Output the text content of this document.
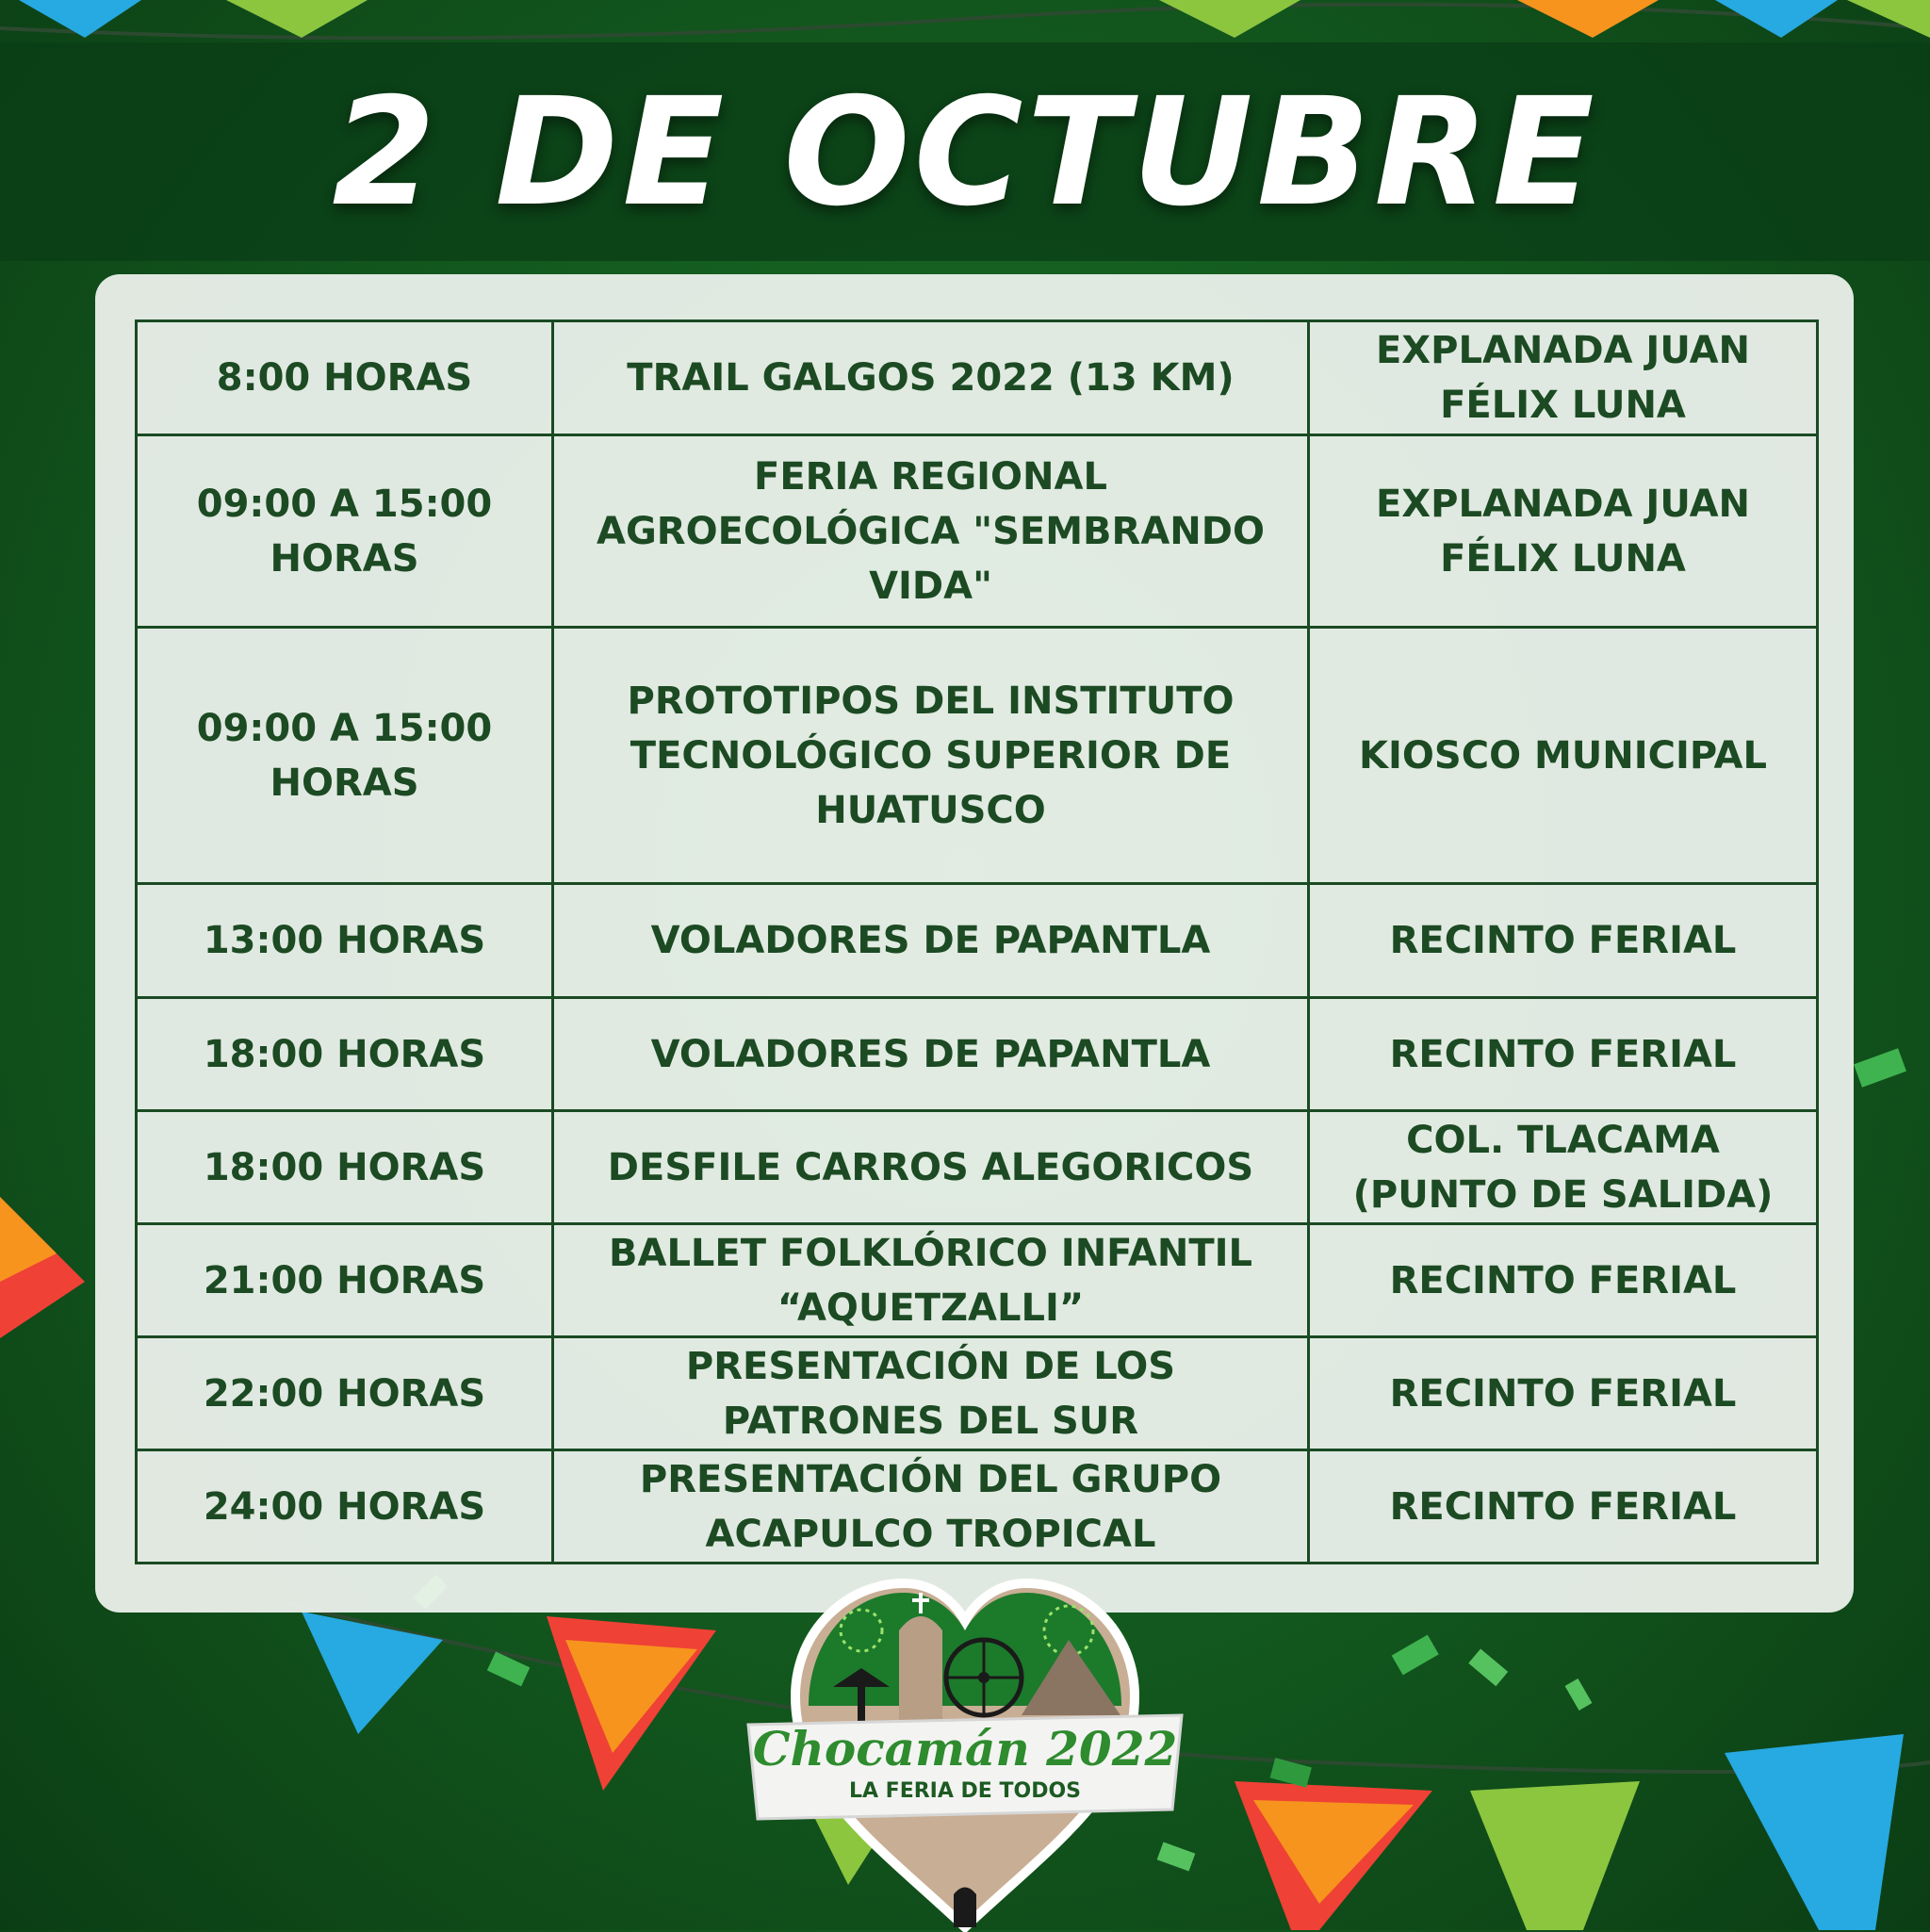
2 DE OCTUBRE
8:00 HORAS	TRAIL GALGOS 2022 (13 KM)	EXPLANADA JUAN FÉLIX LUNA
09:00 A 15:00 HORAS	FERIA REGIONAL AGROECOLÓGICA "SEMBRANDO VIDA"	EXPLANADA JUAN FÉLIX LUNA
09:00 A 15:00 HORAS	PROTOTIPOS DEL INSTITUTO TECNOLÓGICO SUPERIOR DE HUATUSCO	KIOSCO MUNICIPAL
13:00 HORAS	VOLADORES DE PAPANTLA	RECINTO FERIAL
18:00 HORAS	VOLADORES DE PAPANTLA	RECINTO FERIAL
18:00 HORAS	DESFILE CARROS ALEGORICOS	COL. TLACAMA (PUNTO DE SALIDA)
21:00 HORAS	BALLET FOLKLÓRICO INFANTIL “AQUETZALLI”	RECINTO FERIAL
22:00 HORAS	PRESENTACIÓN DE LOS PATRONES DEL SUR	RECINTO FERIAL
24:00 HORAS	PRESENTACIÓN DEL GRUPO ACAPULCO TROPICAL	RECINTO FERIAL
Chocamán 2022
LA FERIA DE TODOS
